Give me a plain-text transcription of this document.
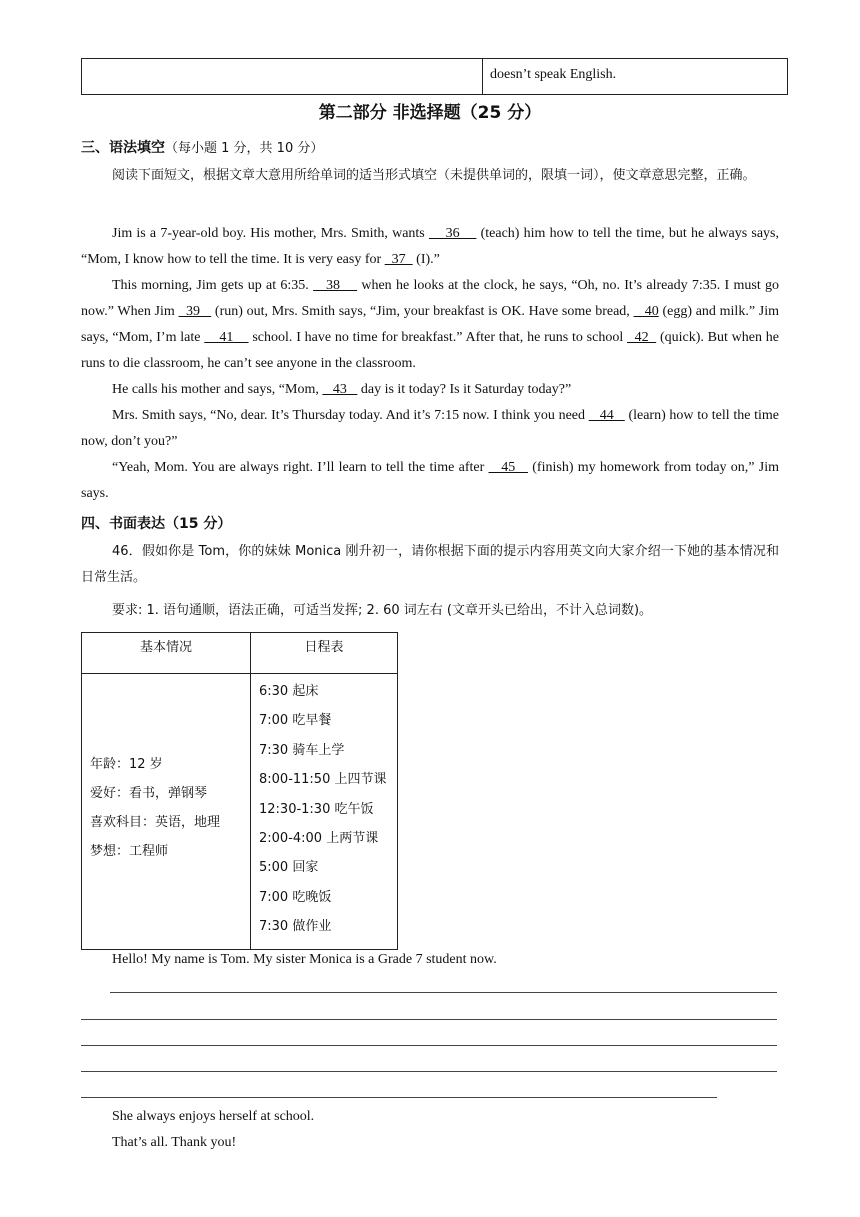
doesn’t speak English.
第二部分 非选择题（25 分）
三、语法填空（每小题 1 分，共 10 分）
阅读下面短文，根据文章大意用所给单词的适当形式填空（未提供单词的，限填一词），使文章意思完整，正确。
Jim is a 7-year-old boy. His mother, Mrs. Smith, wants     36     (teach) him how to tell the time, but he always says, “Mom, I know how to tell the time. It is very easy for   37   (I).”
This morning, Jim gets up at 6:35.    38     when he looks at the clock, he says, “Oh, no. It’s already 7:35. I must go now.” When Jim   39    (run) out, Mrs. Smith says, “Jim, your breakfast is OK. Have some bread,    40 (egg) and milk.” Jim says, “Mom, I’m late     41     school. I have no time for breakfast.” After that, he runs to school   42   (quick). But when he runs to die classroom, he can’t see anyone in the classroom.
He calls his mother and says, “Mom,    43    day is it today? Is it Saturday today?”
Mrs. Smith says, “No, dear. It’s Thursday today. And it’s 7:15 now. I think you need    44    (learn) how to tell the time now, don’t you?”
“Yeah, Mom. You are always right. I’ll learn to tell the time after    45    (finish) my homework from today on,” Jim says.
四、书面表达（15 分）
46．假如你是 Tom，你的妹妹 Monica 刚升初一，请你根据下面的提示内容用英文向大家介绍一下她的基本情况和日常生活。
要求: 1. 语句通顺，语法正确，可适当发挥; 2. 60 词左右 (文章开头已给出，不计入总词数)。
基本情况	日程表
年龄：12 岁
爱好：看书，弹钢琴
喜欢科目：英语，地理
梦想：工程师
6:30 起床
7:00 吃早餐
7:30 骑车上学
8:00-11:50 上四节课
12:30-1:30 吃午饭
2:00-4:00 上两节课
5:00 回家
7:00 吃晚饭
7:30 做作业
Hello! My name is Tom. My sister Monica is a Grade 7 student now.
She always enjoys herself at school.
That’s all. Thank you!
